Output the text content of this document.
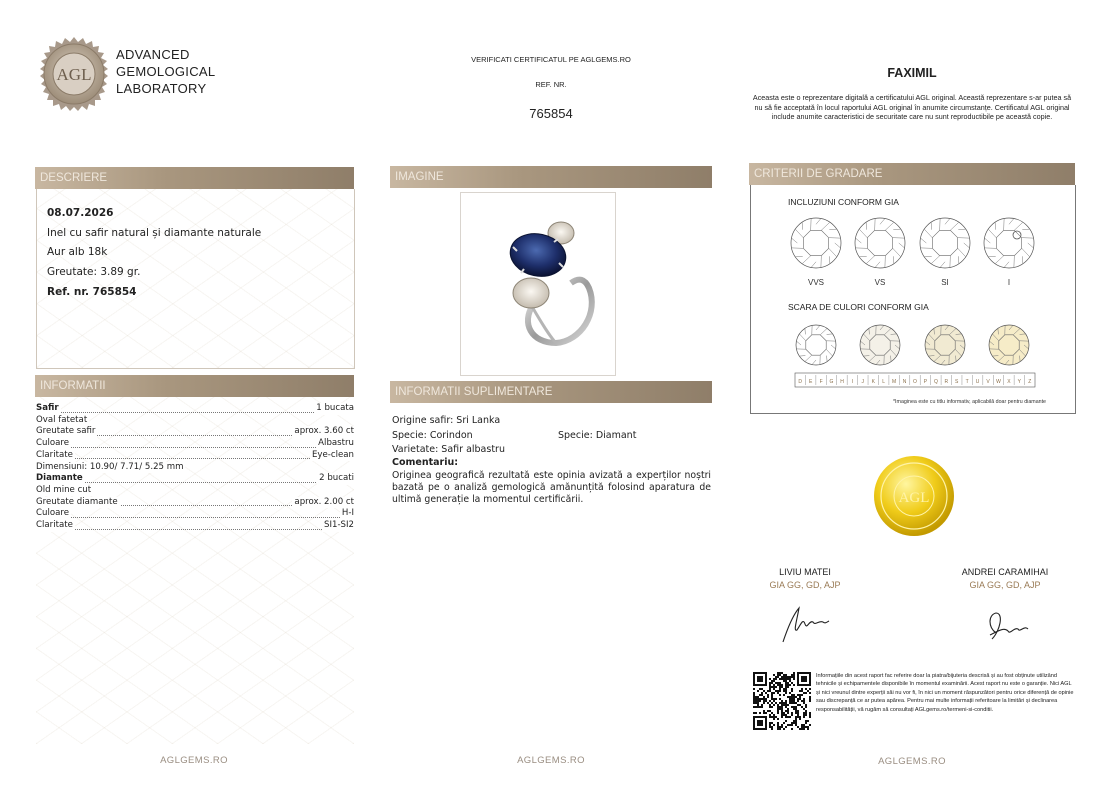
AGL
ADVANCED
GEMOLOGICAL
LABORATORY
VERIFICATI CERTIFICATUL PE AGLGEMS.RO
REF. NR.
765854
FAXIMIL
Aceasta este o reprezentare digitală a certificatului AGL original. Această reprezentare s-ar putea să nu să fie acceptată în locul raportului AGL original în anumite circumstanțe. Certificatul AGL original include anumite caracteristici de securitate care nu sunt reproductibile pe această copie.
DESCRIERE
08.07.2026
Inel cu safir natural și diamante naturale
Aur alb 18k
Greutate: 3.89 gr.
Ref. nr. 765854
INFORMATII
Safir	1 bucata
Oval fatetat
Greutate safir	aprox. 3.60 ct
Culoare	Albastru
Claritate	Eye-clean
Dimensiuni: 10.90/ 7.71/ 5.25 mm
Diamante	2 bucati
Old mine cut
Greutate diamante	aprox. 2.00 ct
Culoare	H-I
Claritate	SI1-SI2
IMAGINE
INFORMATII SUPLIMENTARE
Origine safir: Sri Lanka
Specie: Corindon	Specie: Diamant
Varietate: Safir albastru
Comentariu:
Originea geografică rezultată este opinia avizată a experților noștri bazată pe o analiză gemologică amănunțită folosind aparatura de ultimă generație la momentul certificării.
CRITERII DE GRADARE
INCLUZIUNI CONFORM GIA
SCARA DE CULORI CONFORM GIA
VVS	VS	SI	I
D E F G H I J K L M N O P Q R S T U V W X Y Z
*Imaginea este cu titlu informativ, aplicabilă doar pentru diamante
AGL
LIVIU MATEI
GIA GG, GD, AJP
ANDREI CARAMIHAI
GIA GG, GD, AJP
Informațiile din acest raport fac referire doar la piatra/bijuteria descrisă și au fost obținute utilizând tehnicile și echipamentele disponibile în momentul examinării. Acest raport nu este o garanție. Nici AGL și nici vreunul dintre experții săi nu vor fi, în nici un moment răspunzători pentru orice diferență de opinie sau discrepanță ce ar putea apărea. Pentru mai multe informații referitoare la limitări și declinarea responsabilității, vă rugăm să consultați AGLgems.ro/termeni-si-conditii.
AGLGEMS.RO	AGLGEMS.RO	AGLGEMS.RO
